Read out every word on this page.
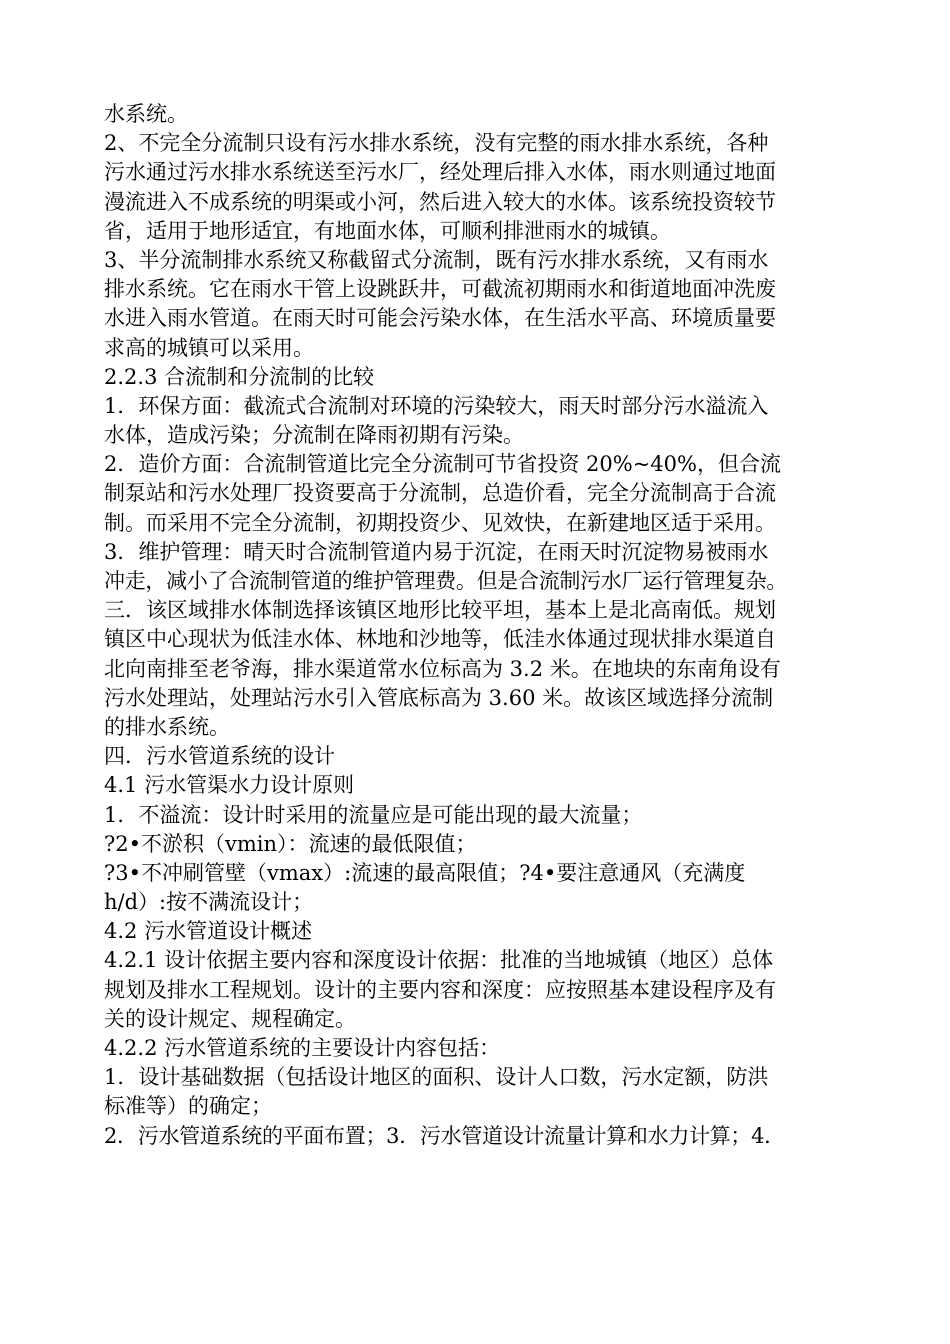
水系统。
2、不完全分流制只设有污水排水系统，没有完整的雨水排水系统，各种
污水通过污水排水系统送至污水厂，经处理后排入水体，雨水则通过地面
漫流进入不成系统的明渠或小河，然后进入较大的水体。该系统投资较节
省，适用于地形适宜，有地面水体，可顺利排泄雨水的城镇。
3、半分流制排水系统又称截留式分流制，既有污水排水系统，又有雨水
排水系统。它在雨水干管上设跳跃井，可截流初期雨水和街道地面冲洗废
水进入雨水管道。在雨天时可能会污染水体，在生活水平高、环境质量要
求高的城镇可以采用。
2.2.3 合流制和分流制的比较
1．环保方面：截流式合流制对环境的污染较大，雨天时部分污水溢流入
水体，造成污染；分流制在降雨初期有污染。
2．造价方面：合流制管道比完全分流制可节省投资 20%~40%，但合流
制泵站和污水处理厂投资要高于分流制，总造价看，完全分流制高于合流
制。而采用不完全分流制，初期投资少、见效快，在新建地区适于采用。
3．维护管理：晴天时合流制管道内易于沉淀，在雨天时沉淀物易被雨水
冲走，减小了合流制管道的维护管理费。但是合流制污水厂运行管理复杂。
三．该区域排水体制选择该镇区地形比较平坦，基本上是北高南低。规划
镇区中心现状为低洼水体、林地和沙地等，低洼水体通过现状排水渠道自
北向南排至老爷海，排水渠道常水位标高为 3.2 米。在地块的东南角设有
污水处理站，处理站污水引入管底标高为 3.60 米。故该区域选择分流制
的排水系统。
四．污水管道系统的设计
4.1 污水管渠水力设计原则
1．不溢流：设计时采用的流量应是可能出现的最大流量；
?2•不淤积（vmin）：流速的最低限值；
?3•不冲刷管壁（vmax）:流速的最高限值；?4•要注意通风（充满度
h/d）:按不满流设计；
4.2 污水管道设计概述
4.2.1 设计依据主要内容和深度设计依据：批准的当地城镇（地区）总体
规划及排水工程规划。设计的主要内容和深度：应按照基本建设程序及有
关的设计规定、规程确定。
4.2.2 污水管道系统的主要设计内容包括：
1．设计基础数据（包括设计地区的面积、设计人口数，污水定额，防洪
标准等）的确定；
2．污水管道系统的平面布置；3．污水管道设计流量计算和水力计算；4．
